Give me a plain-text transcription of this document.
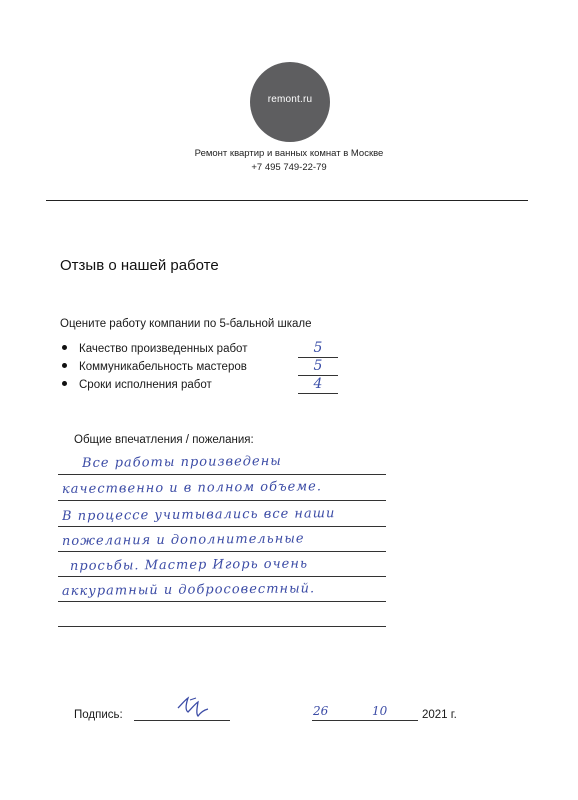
remont.ru
Ремонт квартир и ванных комнат в Москве
+7 495 749-22-79
Отзыв о нашей работе
Оцените работу компании по 5-бальной шкале
Качество произведенных работ	5
Коммуникабельность мастеров	5
Сроки исполнения работ	4
Общие впечатления / пожелания:
Все работы произведены
качественно и в полном объеме.
В процессе учитывались все наши
пожелания и дополнительные
просьбы. Мастер Игорь очень
аккуратный и добросовестный.
Подпись:	26	10	2021 г.
